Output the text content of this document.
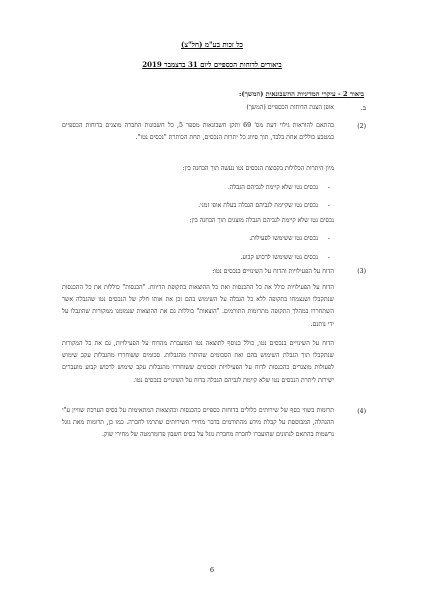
כל זכות בע"מ (חל"צ)
ביאורים לדוחות הכספיים ליום 31 בדצמבר 2019
ביאור 2 - עיקרי המדיניות החשבונאית (המשך):
ב.
אופן הצגת הדוחות הכספיים (המשך)
(2)
בהתאם להוראות גילוי דעת מס' 69 ותקן חשבונאות מספר 5, כל חשבונות החברה מוצגים בדוחות הכספיים במטבע כוללים אחת בלבד, תוך סיווג כל יתרות הנכסים, תחת הכותרת "נכסים נטו".
מיון היתרות הכלולות בקבוצת הנכסים נטו נעשה תוך הבחנה בין:
-נכסים נטו שלא קיימת לגביהם הגבלה.
-נכסים נטו שקיימת לגביהם הגבלה בעלת אופי זמני.
נכסים נטו שלא קיימת לגביהם הגבלה מוצגים תוך הבחנה בין:
-נכסים נטו ששימשו לפעילות.
-נכסים נטו ששימשו לרכוש קבוע.
(3)
הדוח על הפעילויות והדוח על השינויים בנכסים נטו:
הדוח על הפעילויות כולל את כל ההכנסות ואת כל ההוצאות בתקופת הדיווח. "הכנסות" כוללות את כל ההכנסות שנתקבלו ושנצמחו בתקופה ללא כל הגבלה על השימוש בהם וכן את אותו חלק של הנכסים נטו שהגבלה אשר השתחררו במהלך התקופה מתרומות התורמים. "הוצאות" כוללות גם את ההוצאות שנמומנו ממקורות שהוגבלו על ידי נותנם.
הדוח על השינויים בנכסים נטו, כולל בנוסף לתוצאה נטו המועברת מהדוח על הפעילויות, גם את כל המקורות שנתקבלו תוך הגבלת השימוש בהם ואת הסכומים שהותרו מהגבלות. סכומים ששוחררו מהגבלות עקב שימוש לפעולות מוצגרים כהכנסות לדוח על הפעילויות וסכומים ששוחררו מהגבלות עקב שימוש לרכוש קבוע מועברים ישירות ליתרת הנכסים נטו שלא קיימת לגביהם הגבלה בדוח על השינויים בנכסים נטו.
(4)
תרומות בשווי כסף של שירותים כלולים בדוחות כספיים כהכנסות וכהוצאות המתאימות על בסיס הערכת שוויין ע"י ההנהלה, המבוססת על קבלת מידע מהתורמים בדבר מחירי השירותים שתרמו לחברה. כמו כן, תרומות מאת גוגל נרשמות בהתאם לנתונים שהועברו לחברה מחברת גוגל על בסיס חשבון פרומרמטה של מחירי שוק.
6
